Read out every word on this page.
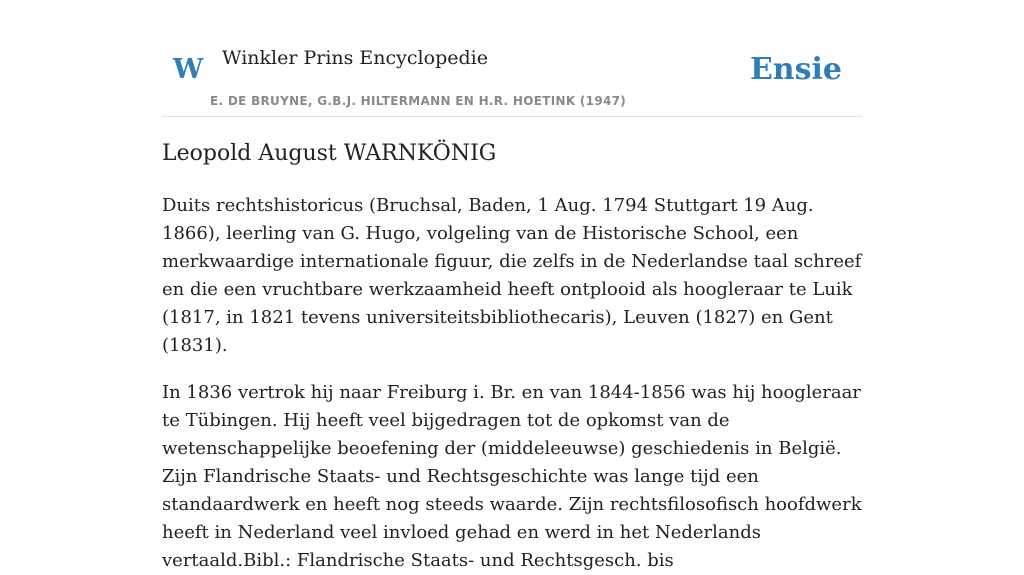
W Winkler Prins Encyclopedie
E. DE BRUYNE, G.B.J. HILTERMANN EN H.R. HOETINK (1947)
Ensie
Leopold August WARNKÖNIG

Duits rechtshistoricus (Bruchsal, Baden, 1 Aug. 1794 Stuttgart 19 Aug. 1866), leerling van G. Hugo, volgeling van de Historische School, een merkwaardige internationale figuur, die zelfs in de Nederlandse taal schreef en die een vruchtbare werkzaamheid heeft ontplooid als hoogleraar te Luik (1817, in 1821 tevens universiteitsbibliothecaris), Leuven (1827) en Gent (1831).

In 1836 vertrok hij naar Freiburg i. Br. en van 1844-1856 was hij hoogleraar te Tübingen. Hij heeft veel bijgedragen tot de opkomst van de wetenschappelijke beoefening der (middeleeuwse) geschiedenis in België. Zijn Flandrische Staats- und Rechtsgeschichte was lange tijd een standaardwerk en heeft nog steeds waarde. Zijn rechtsfilosofisch hoofdwerk heeft in Nederland veel invloed gehad en werd in het Nederlands vertaald.Bibl.: Flandrische Staats- und Rechtsgesch. bis
